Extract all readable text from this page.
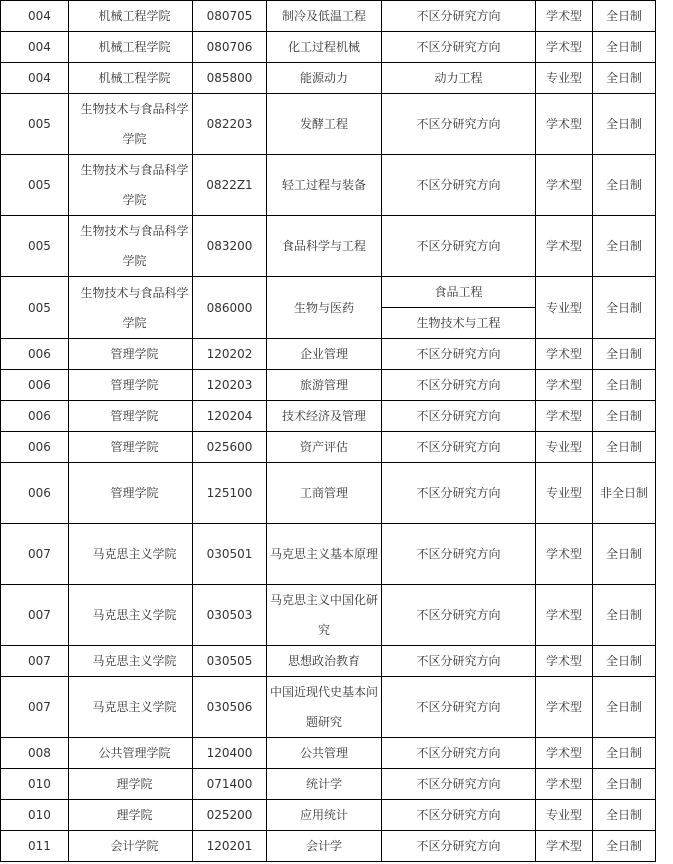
004	机械工程学院	080705	制冷及低温工程	不区分研究方向	学术型	全日制
004	机械工程学院	080706	化工过程机械	不区分研究方向	学术型	全日制
004	机械工程学院	085800	能源动力	动力工程	专业型	全日制
005	生物技术与食品科学学院	082203	发酵工程	不区分研究方向	学术型	全日制
005	生物技术与食品科学学院	0822Z1	轻工过程与装备	不区分研究方向	学术型	全日制
005	生物技术与食品科学学院	083200	食品科学与工程	不区分研究方向	学术型	全日制
005	生物技术与食品科学学院	086000	生物与医药	食品工程	专业型	全日制
				生物技术与工程		
006	管理学院	120202	企业管理	不区分研究方向	学术型	全日制
006	管理学院	120203	旅游管理	不区分研究方向	学术型	全日制
006	管理学院	120204	技术经济及管理	不区分研究方向	学术型	全日制
006	管理学院	025600	资产评估	不区分研究方向	专业型	全日制
006	管理学院	125100	工商管理	不区分研究方向	专业型	非全日制
007	马克思主义学院	030501	马克思主义基本原理	不区分研究方向	学术型	全日制
007	马克思主义学院	030503	马克思主义中国化研究	不区分研究方向	学术型	全日制
007	马克思主义学院	030505	思想政治教育	不区分研究方向	学术型	全日制
007	马克思主义学院	030506	中国近现代史基本问题研究	不区分研究方向	学术型	全日制
008	公共管理学院	120400	公共管理	不区分研究方向	学术型	全日制
010	理学院	071400	统计学	不区分研究方向	学术型	全日制
010	理学院	025200	应用统计	不区分研究方向	专业型	全日制
011	会计学院	120201	会计学	不区分研究方向	学术型	全日制
